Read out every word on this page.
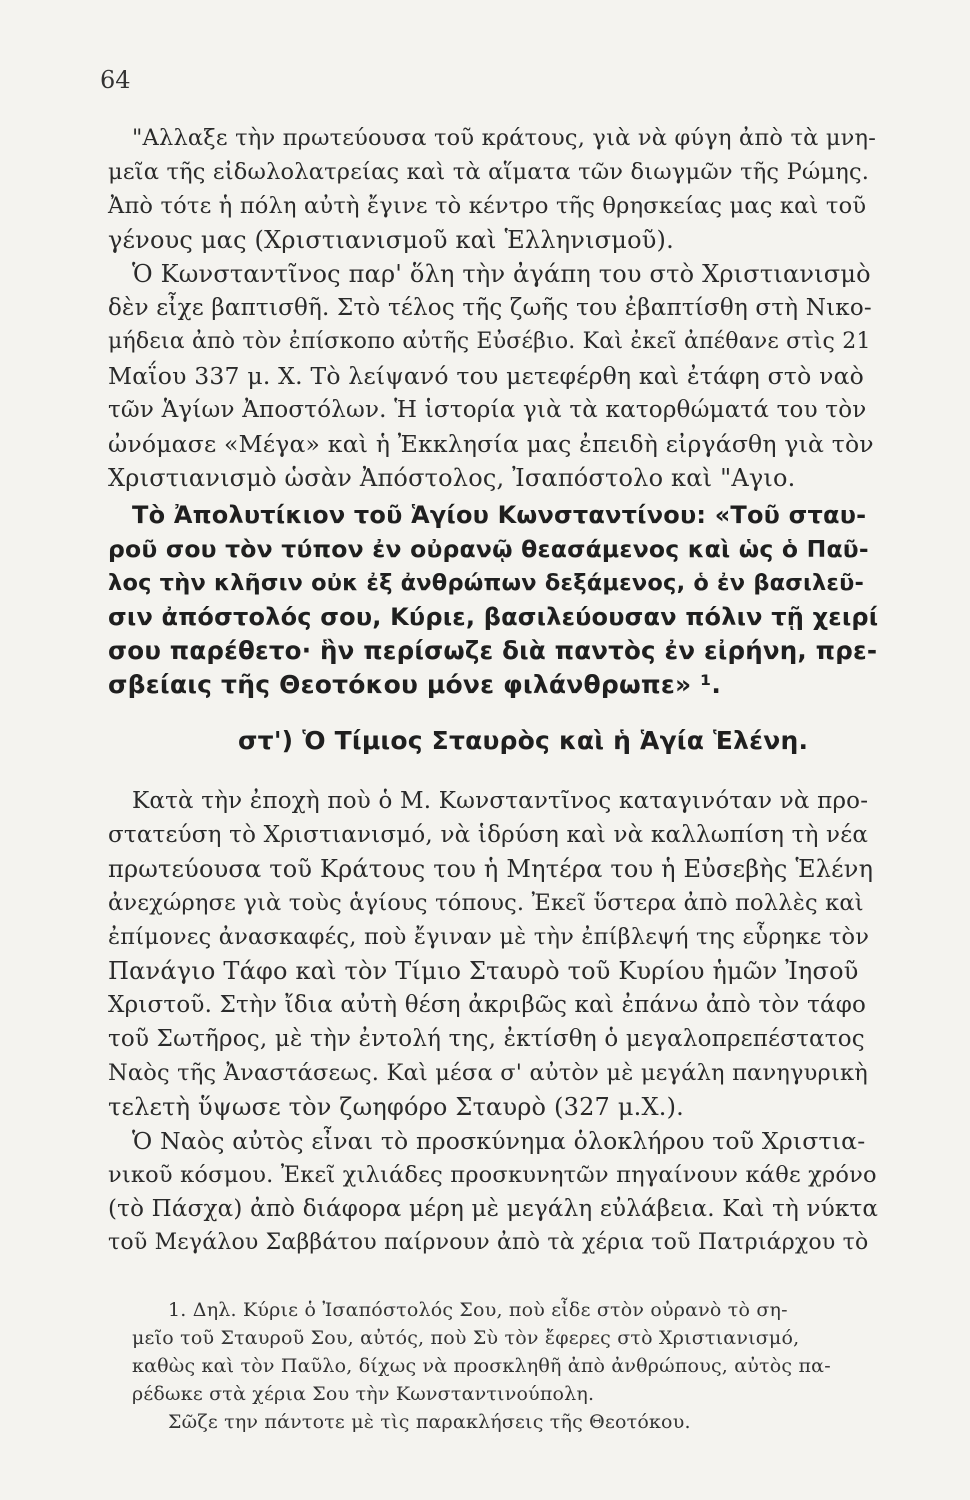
64
"Αλλαξε τὴν πρωτεύουσα τοῦ κράτους, γιὰ νὰ φύγη ἀπὸ τὰ μνη-
μεῖα τῆς εἰδωλολατρείας καὶ τὰ αἵματα τῶν διωγμῶν τῆς Ρώμης.
Ἀπὸ τότε ἡ πόλη αὐτὴ ἔγινε τὸ κέντρο τῆς θρησκείας μας καὶ τοῦ
γένους μας (Χριστιανισμοῦ καὶ Ἑλληνισμοῦ).
Ὁ Κωνσταντῖνος παρ' ὅλη τὴν ἀγάπη του στὸ Χριστιανισμὸ
δὲν εἶχε βαπτισθῆ. Στὸ τέλος τῆς ζωῆς του ἐβαπτίσθη στὴ Νικο-
μήδεια ἀπὸ τὸν ἐπίσκοπο αὐτῆς Εὐσέβιο. Καὶ ἐκεῖ ἀπέθανε στὶς 21
Μαΐου 337 μ. Χ. Τὸ λείψανό του μετεφέρθη καὶ ἐτάφη στὸ ναὸ
τῶν Ἁγίων Ἀποστόλων. Ἡ ἱστορία γιὰ τὰ κατορθώματά του τὸν
ὠνόμασε «Μέγα» καὶ ἡ Ἐκκλησία μας ἐπειδὴ εἰργάσθη γιὰ τὸν
Χριστιανισμὸ ὡσὰν Ἀπόστολος, Ἰσαπόστολο καὶ "Αγιο.
Τὸ Ἀπολυτίκιον τοῦ Ἁγίου Κωνσταντίνου: «Τοῦ σταυ-
ροῦ σου τὸν τύπον ἐν οὐρανῷ θεασάμενος καὶ ὡς ὁ Παῦ-
λος τὴν κλῆσιν οὐκ ἐξ ἀνθρώπων δεξάμενος, ὁ ἐν βασιλεῦ-
σιν ἀπόστολός σου, Κύριε, βασιλεύουσαν πόλιν τῇ χειρί
σου παρέθετο· ἣν περίσωζε διὰ παντὸς ἐν εἰρήνη, πρε-
σβείαις τῆς Θεοτόκου μόνε φιλάνθρωπε» ¹.
στ') Ὁ Τίμιος Σταυρὸς καὶ ἡ Ἁγία Ἑλένη.
Κατὰ τὴν ἐποχὴ ποὺ ὁ Μ. Κωνσταντῖνος καταγινόταν νὰ προ-
στατεύση τὸ Χριστιανισμό, νὰ ἱδρύση καὶ νὰ καλλωπίση τὴ νέα
πρωτεύουσα τοῦ Κράτους του ἡ Μητέρα του ἡ Εὐσεβὴς Ἑλένη
ἀνεχώρησε γιὰ τοὺς ἁγίους τόπους. Ἐκεῖ ὕστερα ἀπὸ πολλὲς καὶ
ἐπίμονες ἀνασκαφές, ποὺ ἔγιναν μὲ τὴν ἐπίβλεψή της εὗρηκε τὸν
Πανάγιο Τάφο καὶ τὸν Τίμιο Σταυρὸ τοῦ Κυρίου ἡμῶν Ἰησοῦ
Χριστοῦ. Στὴν ἴδια αὐτὴ θέση ἀκριβῶς καὶ ἐπάνω ἀπὸ τὸν τάφο
τοῦ Σωτῆρος, μὲ τὴν ἐντολή της, ἐκτίσθη ὁ μεγαλοπρεπέστατος
Ναὸς τῆς Ἀναστάσεως. Καὶ μέσα σ' αὐτὸν μὲ μεγάλη πανηγυρικὴ
τελετὴ ὕψωσε τὸν ζωηφόρο Σταυρὸ (327 μ.Χ.).
Ὁ Ναὸς αὐτὸς εἶναι τὸ προσκύνημα ὁλοκλήρου τοῦ Χριστια-
νικοῦ κόσμου. Ἐκεῖ χιλιάδες προσκυνητῶν πηγαίνουν κάθε χρόνο
(τὸ Πάσχα) ἀπὸ διάφορα μέρη μὲ μεγάλη εὐλάβεια. Καὶ τὴ νύκτα
τοῦ Μεγάλου Σαββάτου παίρνουν ἀπὸ τὰ χέρια τοῦ Πατριάρχου τὸ
1. Δηλ. Κύριε ὁ Ἰσαπόστολός Σου, ποὺ εἶδε στὸν οὐρανὸ τὸ ση-
μεῖο τοῦ Σταυροῦ Σου, αὐτός, ποὺ Σὺ τὸν ἔφερες στὸ Χριστιανισμό,
καθὼς καὶ τὸν Παῦλο, δίχως νὰ προσκληθῆ ἀπὸ ἀνθρώπους, αὐτὸς πα-
ρέδωκε στὰ χέρια Σου τὴν Κωνσταντινούπολη.
Σῶζε την πάντοτε μὲ τὶς παρακλήσεις τῆς Θεοτόκου.
